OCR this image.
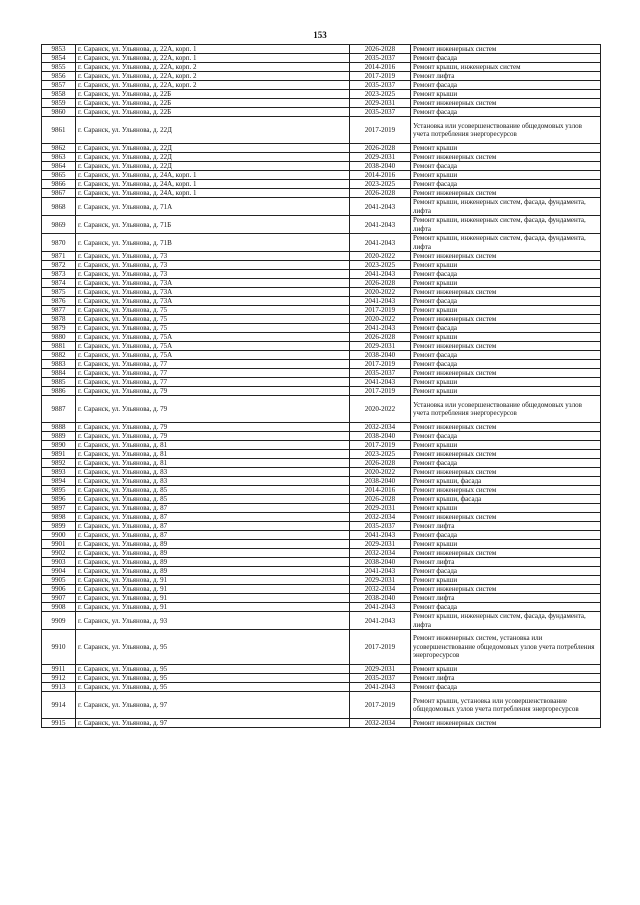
153
9853	г. Саранск, ул. Ульянова, д. 22А, корп. 1	2026-2028	Ремонт инженерных систем
9854	г. Саранск, ул. Ульянова, д. 22А, корп. 1	2035-2037	Ремонт фасада
9855	г. Саранск, ул. Ульянова, д. 22А, корп. 2	2014-2016	Ремонт крыши, инженерных систем
9856	г. Саранск, ул. Ульянова, д. 22А, корп. 2	2017-2019	Ремонт лифта
9857	г. Саранск, ул. Ульянова, д. 22А, корп. 2	2035-2037	Ремонт фасада
9858	г. Саранск, ул. Ульянова, д. 22Б	2023-2025	Ремонт крыши
9859	г. Саранск, ул. Ульянова, д. 22Б	2029-2031	Ремонт инженерных систем
9860	г. Саранск, ул. Ульянова, д. 22Б	2035-2037	Ремонт фасада
9861	г. Саранск, ул. Ульянова, д. 22Д	2017-2019	Установка или усовершенствование общедомовых узлов учета потребления энергоресурсов
9862	г. Саранск, ул. Ульянова, д. 22Д	2026-2028	Ремонт крыши
9863	г. Саранск, ул. Ульянова, д. 22Д	2029-2031	Ремонт инженерных систем
9864	г. Саранск, ул. Ульянова, д. 22Д	2038-2040	Ремонт фасада
9865	г. Саранск, ул. Ульянова, д. 24А, корп. 1	2014-2016	Ремонт крыши
9866	г. Саранск, ул. Ульянова, д. 24А, корп. 1	2023-2025	Ремонт фасада
9867	г. Саранск, ул. Ульянова, д. 24А, корп. 1	2026-2028	Ремонт инженерных систем
9868	г. Саранск, ул. Ульянова, д. 71А	2041-2043	Ремонт крыши, инженерных систем, фасада, фундамента, лифта
9869	г. Саранск, ул. Ульянова, д. 71Б	2041-2043	Ремонт крыши, инженерных систем, фасада, фундамента, лифта
9870	г. Саранск, ул. Ульянова, д. 71В	2041-2043	Ремонт крыши, инженерных систем, фасада, фундамента, лифта
9871	г. Саранск, ул. Ульянова, д. 73	2020-2022	Ремонт инженерных систем
9872	г. Саранск, ул. Ульянова, д. 73	2023-2025	Ремонт крыши
9873	г. Саранск, ул. Ульянова, д. 73	2041-2043	Ремонт фасада
9874	г. Саранск, ул. Ульянова, д. 73А	2026-2028	Ремонт крыши
9875	г. Саранск, ул. Ульянова, д. 73А	2020-2022	Ремонт инженерных систем
9876	г. Саранск, ул. Ульянова, д. 73А	2041-2043	Ремонт фасада
9877	г. Саранск, ул. Ульянова, д. 75	2017-2019	Ремонт крыши
9878	г. Саранск, ул. Ульянова, д. 75	2020-2022	Ремонт инженерных систем
9879	г. Саранск, ул. Ульянова, д. 75	2041-2043	Ремонт фасада
9880	г. Саранск, ул. Ульянова, д. 75А	2026-2028	Ремонт крыши
9881	г. Саранск, ул. Ульянова, д. 75А	2029-2031	Ремонт инженерных систем
9882	г. Саранск, ул. Ульянова, д. 75А	2038-2040	Ремонт фасада
9883	г. Саранск, ул. Ульянова, д. 77	2017-2019	Ремонт фасада
9884	г. Саранск, ул. Ульянова, д. 77	2035-2037	Ремонт инженерных систем
9885	г. Саранск, ул. Ульянова, д. 77	2041-2043	Ремонт крыши
9886	г. Саранск, ул. Ульянова, д. 79	2017-2019	Ремонт крыши
9887	г. Саранск, ул. Ульянова, д. 79	2020-2022	Установка или усовершенствование общедомовых узлов учета потребления энергоресурсов
9888	г. Саранск, ул. Ульянова, д. 79	2032-2034	Ремонт инженерных систем
9889	г. Саранск, ул. Ульянова, д. 79	2038-2040	Ремонт фасада
9890	г. Саранск, ул. Ульянова, д. 81	2017-2019	Ремонт крыши
9891	г. Саранск, ул. Ульянова, д. 81	2023-2025	Ремонт инженерных систем
9892	г. Саранск, ул. Ульянова, д. 81	2026-2028	Ремонт фасада
9893	г. Саранск, ул. Ульянова, д. 83	2020-2022	Ремонт инженерных систем
9894	г. Саранск, ул. Ульянова, д. 83	2038-2040	Ремонт крыши, фасада
9895	г. Саранск, ул. Ульянова, д. 85	2014-2016	Ремонт инженерных систем
9896	г. Саранск, ул. Ульянова, д. 85	2026-2028	Ремонт крыши, фасада
9897	г. Саранск, ул. Ульянова, д. 87	2029-2031	Ремонт крыши
9898	г. Саранск, ул. Ульянова, д. 87	2032-2034	Ремонт инженерных систем
9899	г. Саранск, ул. Ульянова, д. 87	2035-2037	Ремонт лифта
9900	г. Саранск, ул. Ульянова, д. 87	2041-2043	Ремонт фасада
9901	г. Саранск, ул. Ульянова, д. 89	2029-2031	Ремонт крыши
9902	г. Саранск, ул. Ульянова, д. 89	2032-2034	Ремонт инженерных систем
9903	г. Саранск, ул. Ульянова, д. 89	2038-2040	Ремонт лифта
9904	г. Саранск, ул. Ульянова, д. 89	2041-2043	Ремонт фасада
9905	г. Саранск, ул. Ульянова, д. 91	2029-2031	Ремонт крыши
9906	г. Саранск, ул. Ульянова, д. 91	2032-2034	Ремонт инженерных систем
9907	г. Саранск, ул. Ульянова, д. 91	2038-2040	Ремонт лифта
9908	г. Саранск, ул. Ульянова, д. 91	2041-2043	Ремонт фасада
9909	г. Саранск, ул. Ульянова, д. 93	2041-2043	Ремонт крыши, инженерных систем, фасада, фундамента, лифта
9910	г. Саранск, ул. Ульянова, д. 95	2017-2019	Ремонт инженерных систем, установка или усовершенствование общедомовых узлов учета потребления энергоресурсов
9911	г. Саранск, ул. Ульянова, д. 95	2029-2031	Ремонт крыши
9912	г. Саранск, ул. Ульянова, д. 95	2035-2037	Ремонт лифта
9913	г. Саранск, ул. Ульянова, д. 95	2041-2043	Ремонт фасада
9914	г. Саранск, ул. Ульянова, д. 97	2017-2019	Ремонт крыши, установка или усовершенствование общедомовых узлов учета потребления энергоресурсов
9915	г. Саранск, ул. Ульянова, д. 97	2032-2034	Ремонт инженерных систем
